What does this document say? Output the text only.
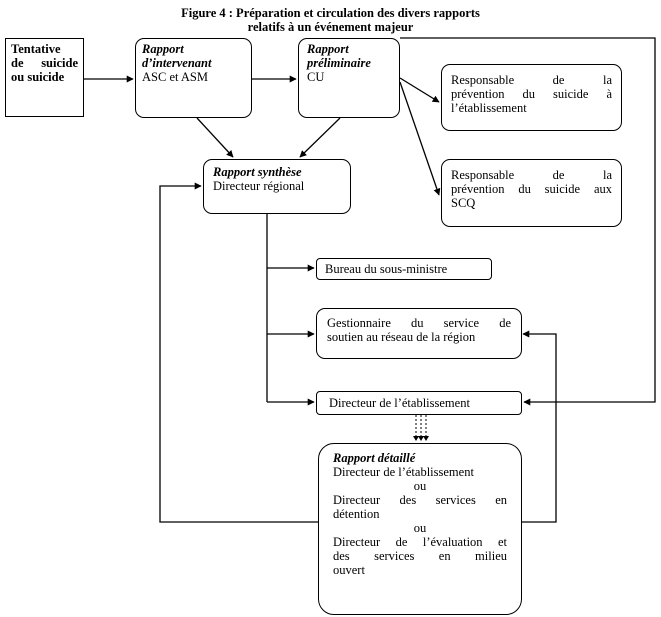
Figure 4 : Préparation et circulation des divers rapports
relatifs à un événement majeur
Tentative
de suicide
ou suicide
Rapport
d’intervenant
ASC et ASM
Rapport
préliminaire
CU	Responsable de la
prévention du suicide à
l’établissement
Responsable de la
prévention du suicide aux
SCQ
Rapport synthèse
Directeur régional
Bureau du sous-ministre
Gestionnaire du service de
soutien au réseau de la région
Directeur de l’établissement
Rapport détaillé
Directeur de l’établissement
ou
Directeur des services en
détention
ou
Directeur de l’évaluation et
des services en milieu
ouvert
